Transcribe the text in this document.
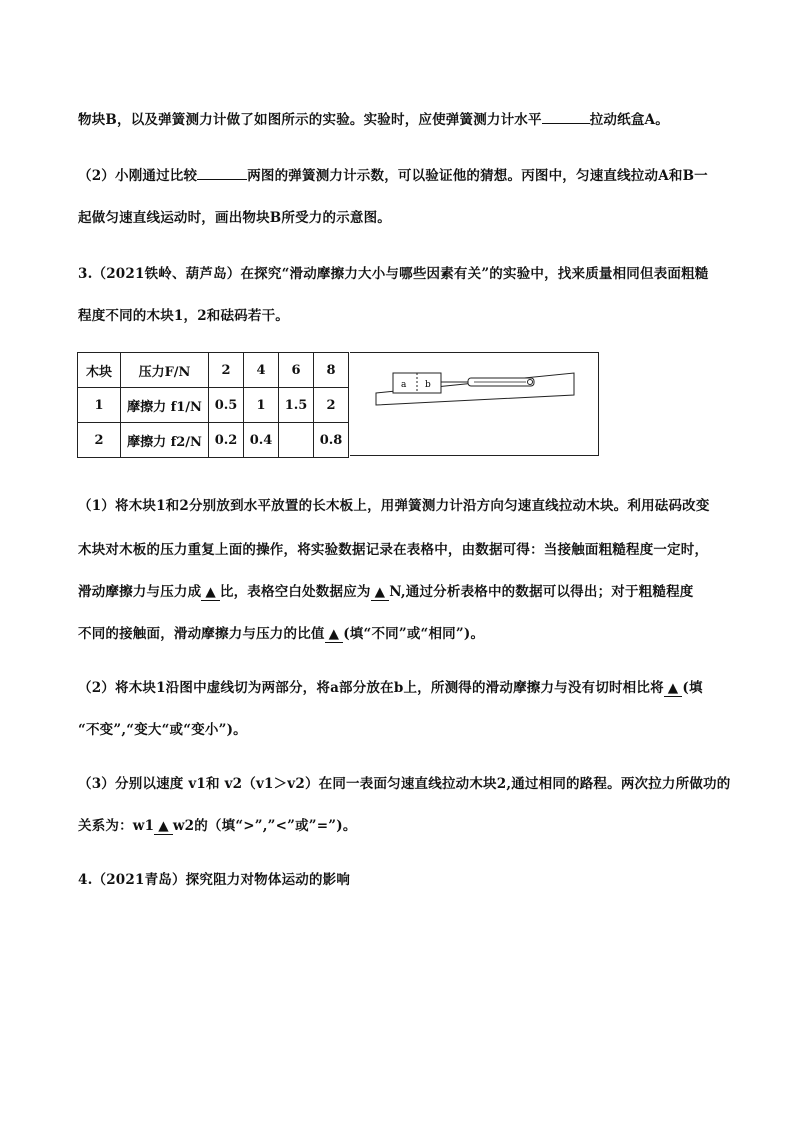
物块B，以及弹簧测力计做了如图所示的实验。实验时，应使弹簧测力计水平	拉动纸盒A。
（2）小刚通过比较	两图的弹簧测力计示数，可以验证他的猜想。丙图中，匀速直线拉动A和B一
起做匀速直线运动时，画出物块B所受力的示意图。
3.（2021铁岭、葫芦岛）在探究“滑动摩擦力大小与哪些因素有关”的实验中，找来质量相同但表面粗糙
程度不同的木块1，2和砝码若干。
木块	压力F/N	2	4	6	8
1	摩擦力 f1/N	0.5	1	1.5	2
2	摩擦力 f2/N	0.2	0.4		0.8
a b
（1）将木块1和2分别放到水平放置的长木板上，用弹簧测力计沿方向匀速直线拉动木块。利用砝码改变
木块对木板的压力重复上面的操作，将实验数据记录在表格中，由数据可得：当接触面粗糙程度一定时，
滑动摩擦力与压力成 ▲ 比，表格空白处数据应为 ▲ N,通过分析表格中的数据可以得出；对于粗糙程度
不同的接触面，滑动摩擦力与压力的比值 ▲ (填“不同”或“相同”)。
（2）将木块1沿图中虚线切为两部分，将a部分放在b上，所测得的滑动摩擦力与没有切时相比将 ▲ (填
“不变”,“变大“或“变小”)。
（3）分别以速度 v1和 v2（v1＞v2）在同一表面匀速直线拉动木块2,通过相同的路程。两次拉力所做功的
关系为：w1 ▲ w2的（填“>”,”<”或”=”)。
4.（2021青岛）探究阻力对物体运动的影响
